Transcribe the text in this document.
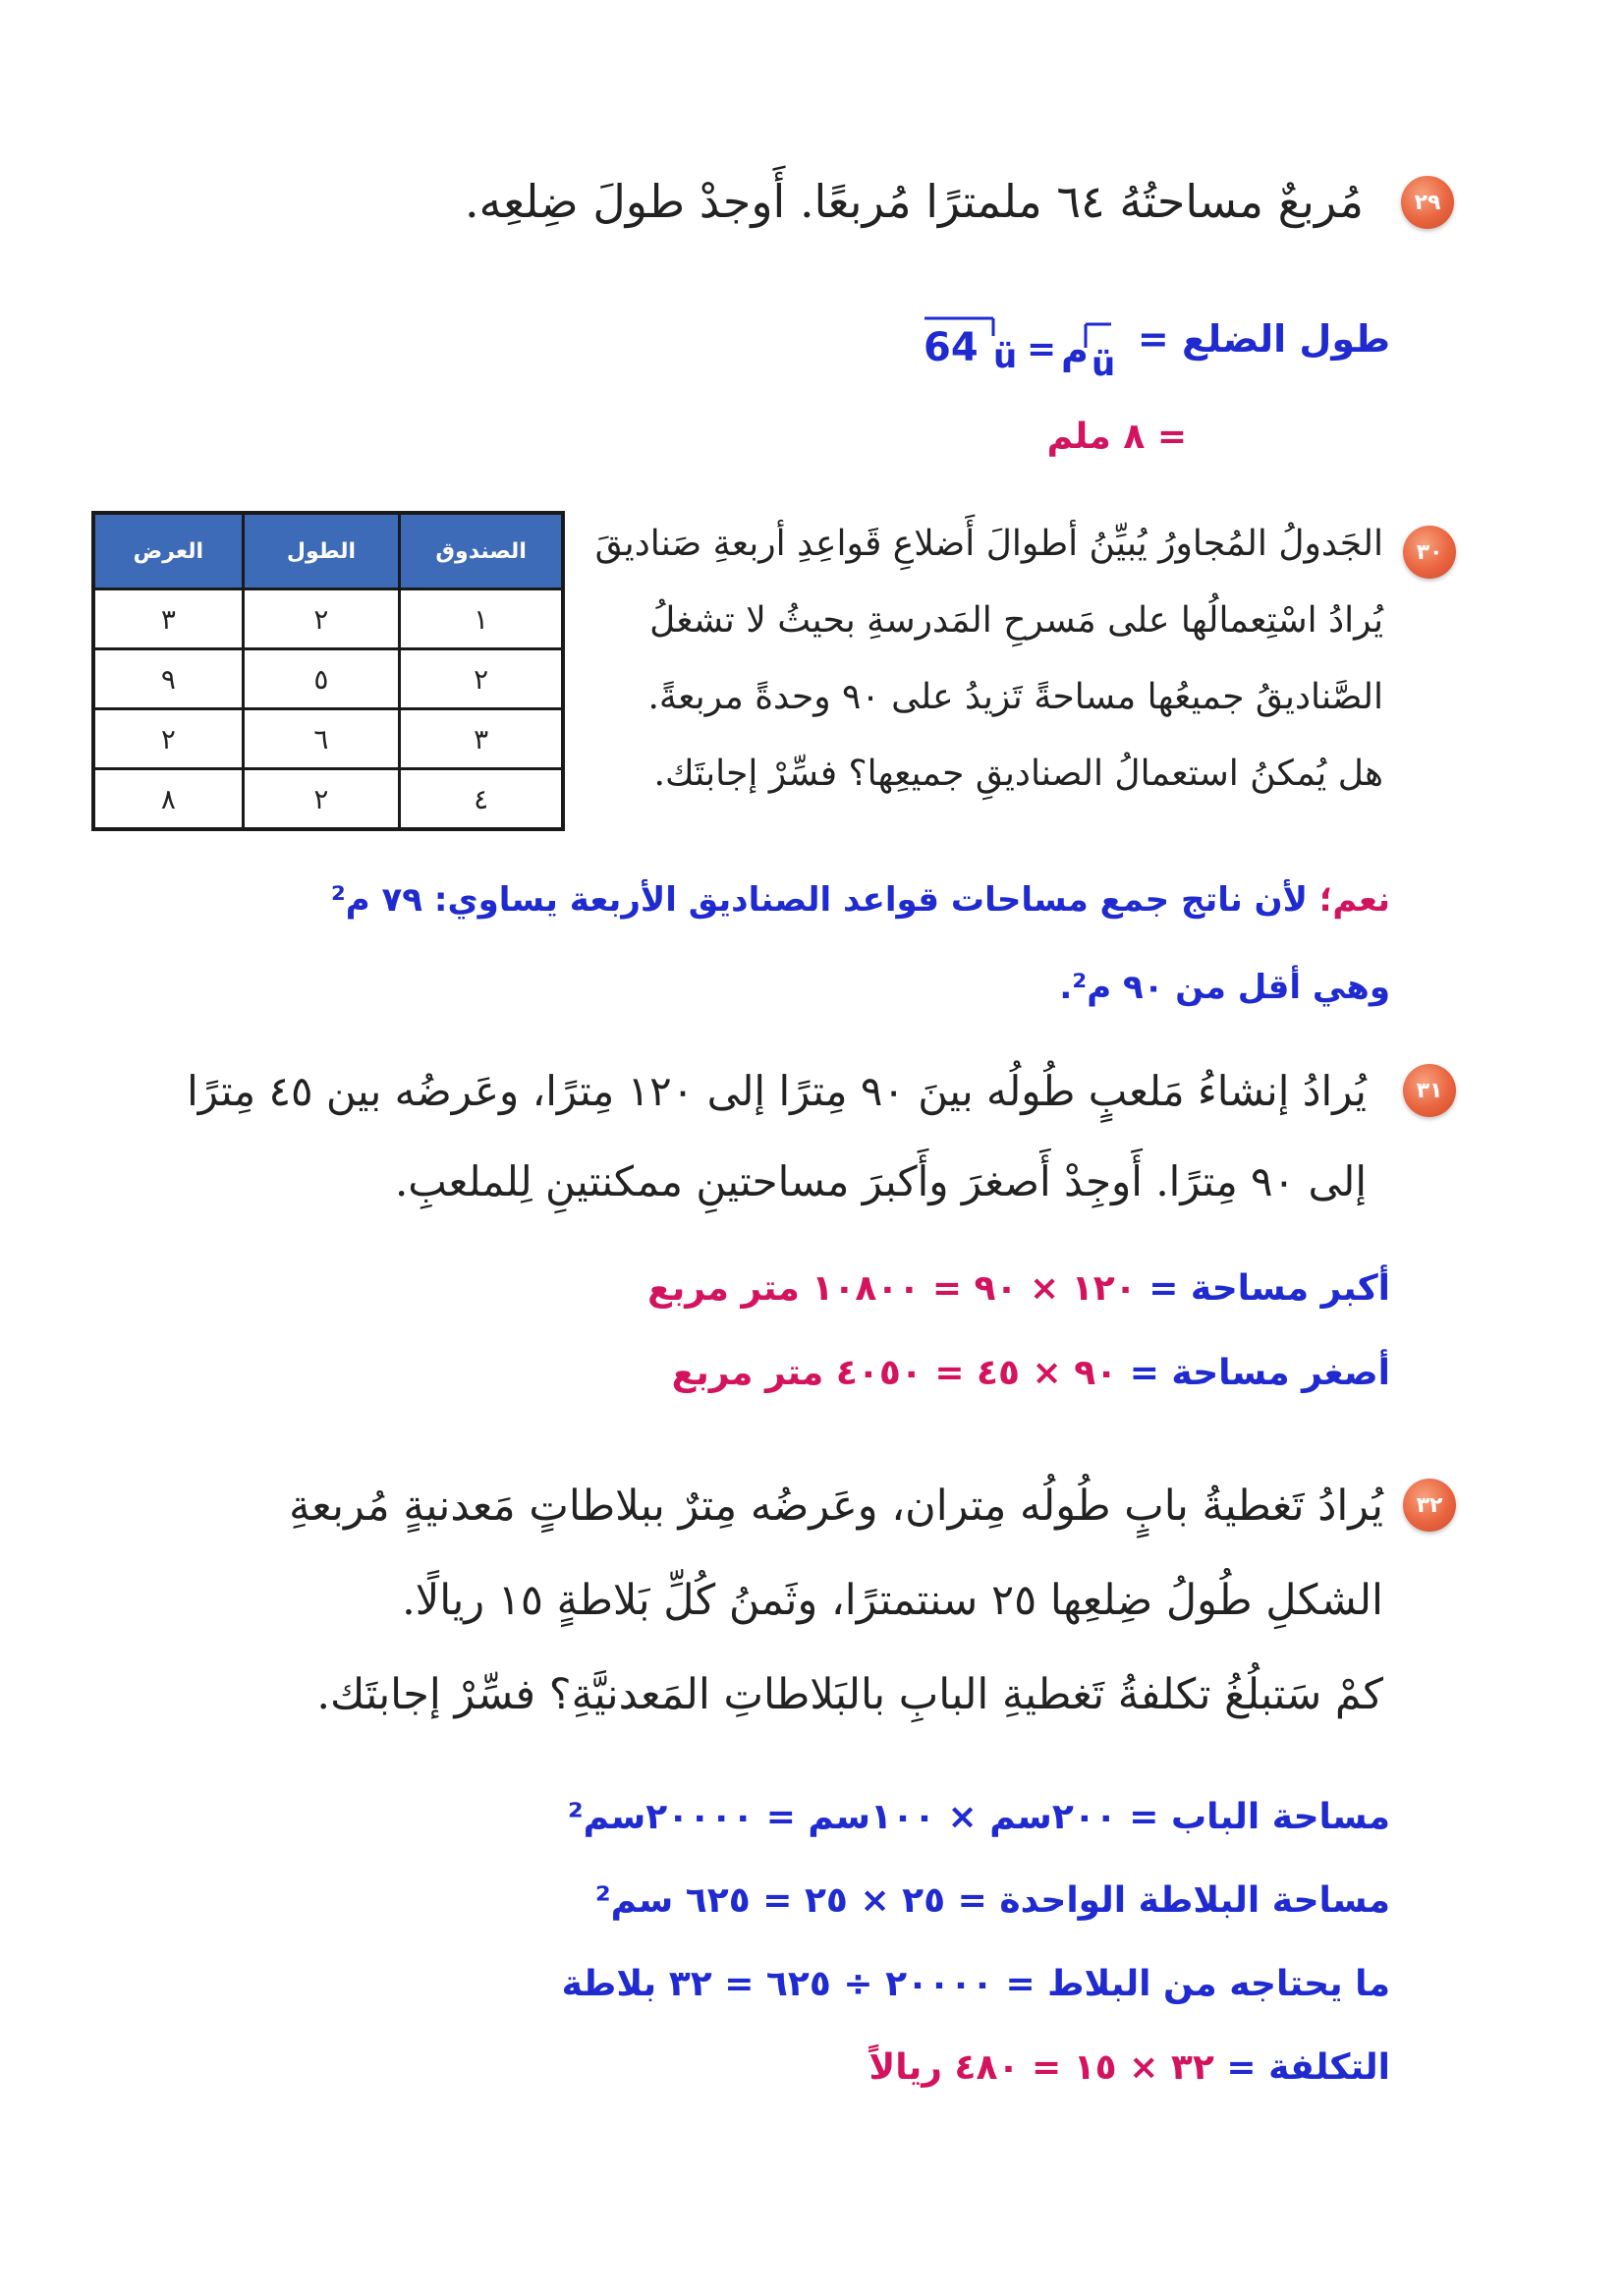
٢٩
مُربعٌ مساحتُهُ ٦٤ ملمترًا مُربعًا. أَوجدْ طولَ ضِلعِه.
طول الضلع =
64 ü = م ü
= ٨ ملم
٣٠
الجَدولُ المُجاورُ يُبيِّنُ أطوالَ أَضلاعِ قَواعِدِ أربعةِ صَناديقَ
يُرادُ اسْتِعمالُها على مَسرحِ المَدرسةِ بحيثُ لا تشغلُ
الصَّناديقُ جميعُها مساحةً تَزيدُ على ٩٠ وحدةً مربعةً.
هل يُمكنُ استعمالُ الصناديقِ جميعِها؟ فسِّرْ إجابتَك.
الصندوق	الطول	العرض
١	٢	٣
٢	٥	٩
٣	٦	٢
٤	٢	٨
نعم؛ لأن ناتج جمع مساحات قواعد الصناديق الأربعة يساوي: ٧٩ م²
وهي أقل من ٩٠ م².
٣١
يُرادُ إنشاءُ مَلعبٍ طُولُه بينَ ٩٠ مِترًا إلى ١٢٠ مِترًا، وعَرضُه بين ٤٥ مِترًا
إلى ٩٠ مِترًا. أَوجِدْ أَصغرَ وأَكبرَ مساحتينِ ممكنتينِ لِلملعبِ.
أكبر مساحة = ١٢٠ × ٩٠ = ١٠٨٠٠ متر مربع
أصغر مساحة = ٩٠ × ٤٥ = ٤٠٥٠ متر مربع
٣٢
يُرادُ تَغطيةُ بابٍ طُولُه مِتران، وعَرضُه مِترٌ ببلاطاتٍ مَعدنيةٍ مُربعةِ
الشكلِ طُولُ ضِلعِها ٢٥ سنتمترًا، وثَمنُ كُلِّ بَلاطةٍ ١٥ ريالًا.
كمْ سَتبلُغُ تكلفةُ تَغطيةِ البابِ بالبَلاطاتِ المَعدنيَّةِ؟ فسِّرْ إجابتَك.
مساحة الباب = ٢٠٠سم × ١٠٠سم = ٢٠٠٠٠سم²
مساحة البلاطة الواحدة = ٢٥ × ٢٥ = ٦٢٥ سم²
ما يحتاجه من البلاط = ٢٠٠٠٠ ÷ ٦٢٥ = ٣٢ بلاطة
التكلفة = ٣٢ × ١٥ = ٤٨٠ ريالاً
